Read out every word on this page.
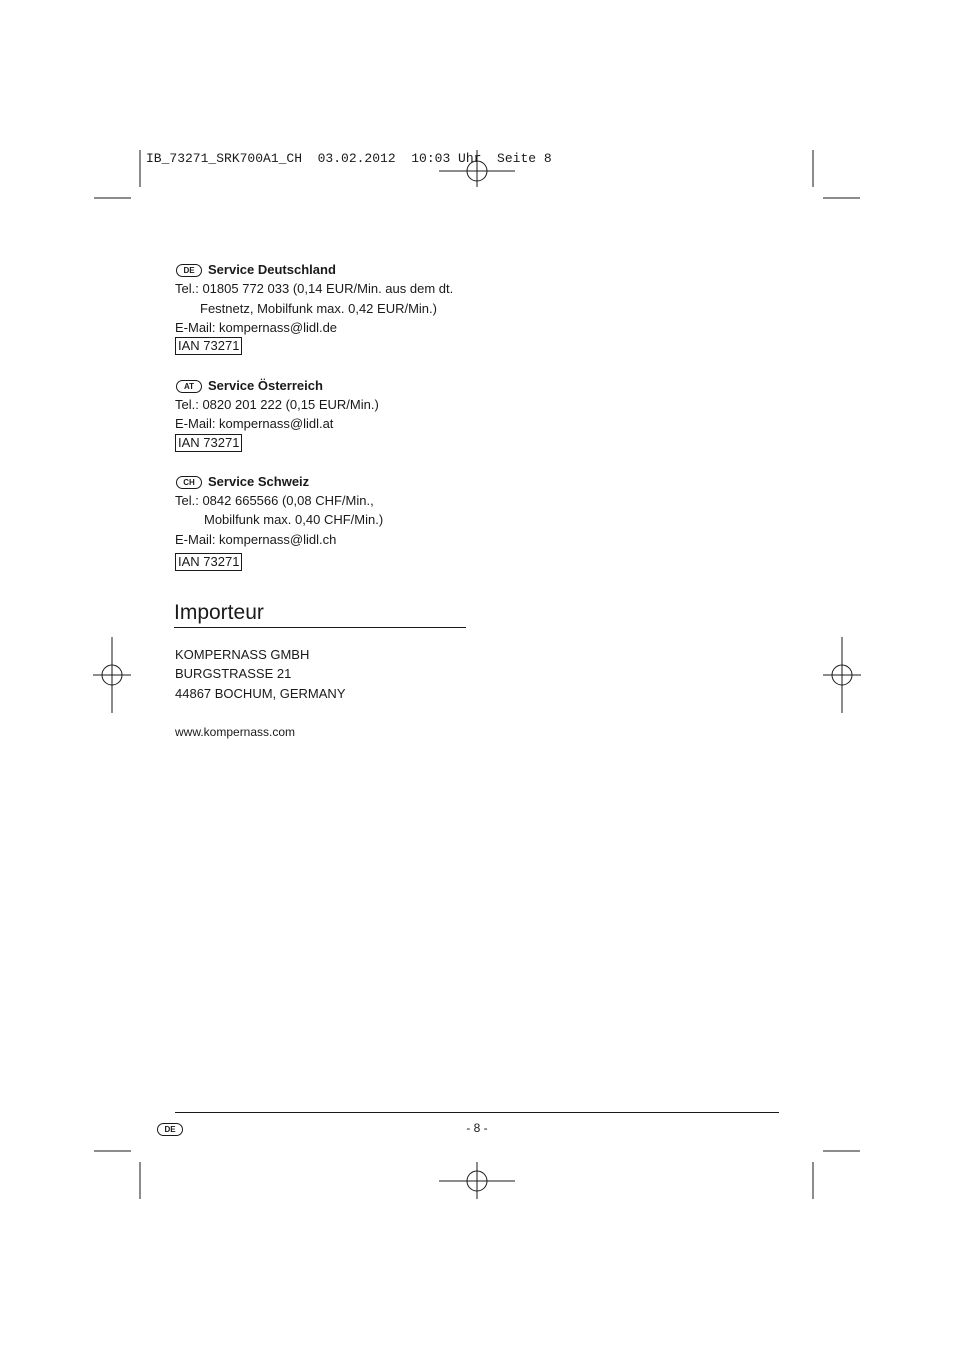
IB_73271_SRK700A1_CH  03.02.2012  10:03 Uhr  Seite 8
DE Service Deutschland
Tel.: 01805 772 033 (0,14 EUR/Min. aus dem dt.
Festnetz, Mobilfunk max. 0,42 EUR/Min.)
E-Mail: kompernass@lidl.de
IAN 73271
AT Service Österreich
Tel.: 0820 201 222 (0,15 EUR/Min.)
E-Mail: kompernass@lidl.at
IAN 73271
CH Service Schweiz
Tel.: 0842 665566 (0,08 CHF/Min.,
Mobilfunk max. 0,40 CHF/Min.)
E-Mail: kompernass@lidl.ch
IAN 73271
Importeur
KOMPERNASS GMBH
BURGSTRASSE 21
44867 BOCHUM, GERMANY
www.kompernass.com
DE	- 8 -
